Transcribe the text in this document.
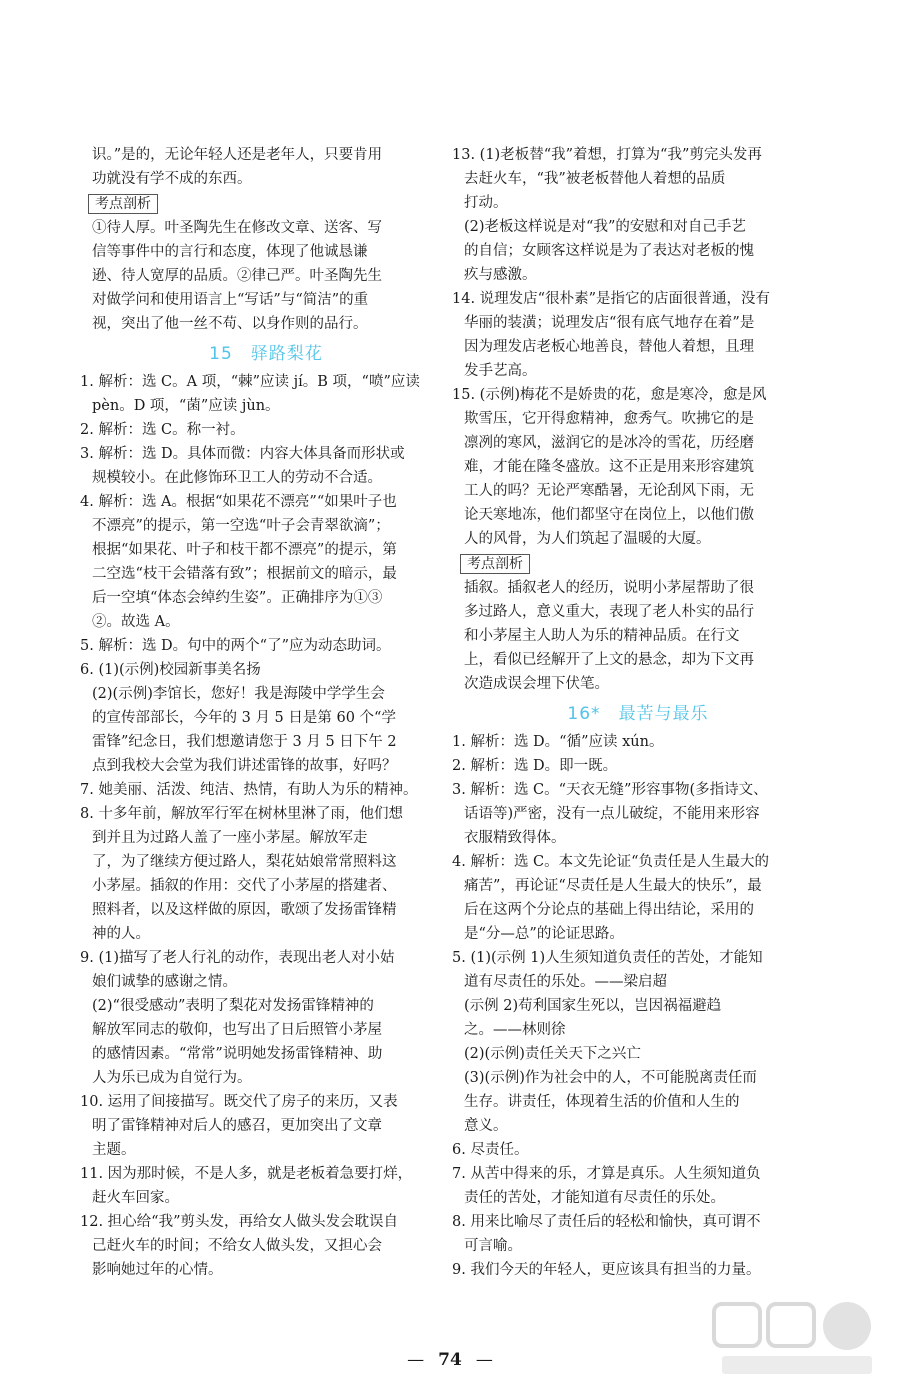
识。”是的，无论年轻人还是老年人，只要肯用
功就没有学不成的东西。
考点剖析
①待人厚。叶圣陶先生在修改文章、送客、写
信等事件中的言行和态度，体现了他诚恳谦
逊、待人宽厚的品质。②律己严。叶圣陶先生
对做学问和使用语言上“写话”与“简洁”的重
视，突出了他一丝不苟、以身作则的品行。
15 驿路梨花
1. 解析：选 C。A 项，“棘”应读 jí。B 项，“喷”应读
pèn。D 项，“菌”应读 jùn。
2. 解析：选 C。称一衬。
3. 解析：选 D。具体而微：内容大体具备而形状或
规模较小。在此修饰环卫工人的劳动不合适。
4. 解析：选 A。根据“如果花不漂亮”“如果叶子也
不漂亮”的提示，第一空选“叶子会青翠欲滴”；
根据“如果花、叶子和枝干都不漂亮”的提示，第
二空选“枝干会错落有致”；根据前文的暗示，最
后一空填“体态会绰约生姿”。正确排序为①③
②。故选 A。
5. 解析：选 D。句中的两个“了”应为动态助词。
6. (1)(示例)校园新事美名扬
(2)(示例)李馆长，您好！我是海陵中学学生会
的宣传部部长，今年的 3 月 5 日是第 60 个“学
雷锋”纪念日，我们想邀请您于 3 月 5 日下午 2
点到我校大会堂为我们讲述雷锋的故事，好吗？
7. 她美丽、活泼、纯洁、热情，有助人为乐的精神。
8. 十多年前，解放军行军在树林里淋了雨，他们想
到并且为过路人盖了一座小茅屋。解放军走
了，为了继续方便过路人，梨花姑娘常常照料这
小茅屋。插叙的作用：交代了小茅屋的搭建者、
照料者，以及这样做的原因，歌颂了发扬雷锋精
神的人。
9. (1)描写了老人行礼的动作，表现出老人对小姑
娘们诚挚的感谢之情。
(2)“很受感动”表明了梨花对发扬雷锋精神的
解放军同志的敬仰，也写出了日后照管小茅屋
的感情因素。“常常”说明她发扬雷锋精神、助
人为乐已成为自觉行为。
10. 运用了间接描写。既交代了房子的来历，又表
明了雷锋精神对后人的感召，更加突出了文章
主题。
11. 因为那时候，不是人多，就是老板着急要打烊，
赶火车回家。
12. 担心给“我”剪头发，再给女人做头发会耽误自
己赶火车的时间；不给女人做头发，又担心会
影响她过年的心情。
13. (1)老板替“我”着想，打算为“我”剪完头发再
去赶火车，“我”被老板替他人着想的品质
打动。
(2)老板这样说是对“我”的安慰和对自己手艺
的自信；女顾客这样说是为了表达对老板的愧
疚与感激。
14. 说理发店“很朴素”是指它的店面很普通，没有
华丽的装潢；说理发店“很有底气地存在着”是
因为理发店老板心地善良，替他人着想，且理
发手艺高。
15. (示例)梅花不是娇贵的花，愈是寒冷，愈是风
欺雪压，它开得愈精神，愈秀气。吹拂它的是
凛冽的寒风，滋润它的是冰冷的雪花，历经磨
难，才能在隆冬盛放。这不正是用来形容建筑
工人的吗？无论严寒酷暑，无论刮风下雨，无
论天寒地冻，他们都坚守在岗位上，以他们傲
人的风骨，为人们筑起了温暖的大厦。
考点剖析
插叙。插叙老人的经历，说明小茅屋帮助了很
多过路人，意义重大，表现了老人朴实的品行
和小茅屋主人助人为乐的精神品质。在行文
上，看似已经解开了上文的悬念，却为下文再
次造成误会埋下伏笔。
16* 最苦与最乐
1. 解析：选 D。“循”应读 xún。
2. 解析：选 D。即一既。
3. 解析：选 C。“天衣无缝”形容事物(多指诗文、
话语等)严密，没有一点儿破绽，不能用来形容
衣服精致得体。
4. 解析：选 C。本文先论证“负责任是人生最大的
痛苦”，再论证“尽责任是人生最大的快乐”，最
后在这两个分论点的基础上得出结论，采用的
是“分—总”的论证思路。
5. (1)(示例 1)人生须知道负责任的苦处，才能知
道有尽责任的乐处。——梁启超
(示例 2)苟利国家生死以，岂因祸福避趋
之。——林则徐
(2)(示例)责任关天下之兴亡
(3)(示例)作为社会中的人，不可能脱离责任而
生存。讲责任，体现着生活的价值和人生的
意义。
6. 尽责任。
7. 从苦中得来的乐，才算是真乐。人生须知道负
责任的苦处，才能知道有尽责任的乐处。
8. 用来比喻尽了责任后的轻松和愉快，真可谓不
可言喻。
9. 我们今天的年轻人，更应该具有担当的力量。
— 74 —
